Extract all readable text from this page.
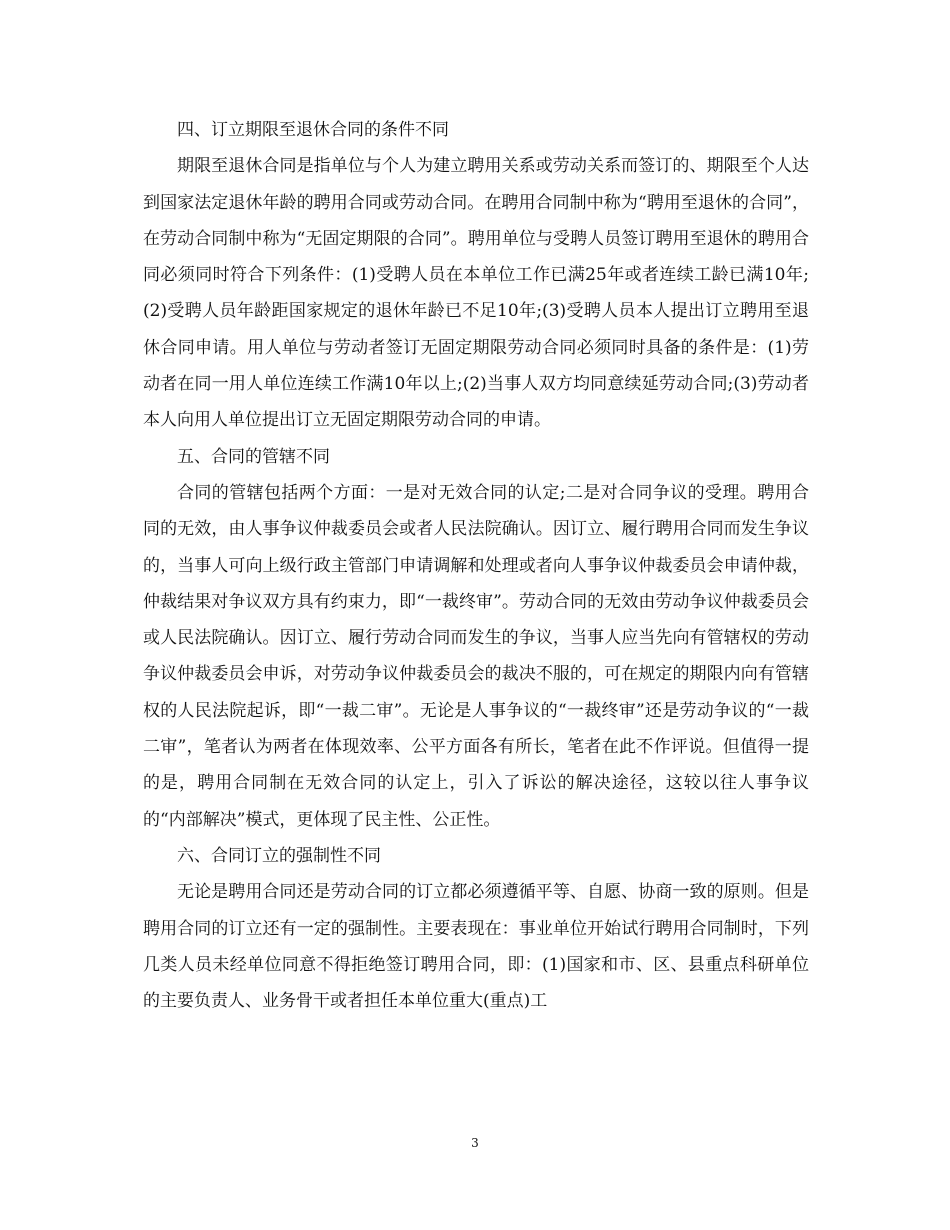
四、订立期限至退休合同的条件不同

期限至退休合同是指单位与个人为建立聘用关系或劳动关系而签订的、期限至个人达到国家法定退休年龄的聘用合同或劳动合同。在聘用合同制中称为“聘用至退休的合同”，在劳动合同制中称为“无固定期限的合同”。聘用单位与受聘人员签订聘用至退休的聘用合同必须同时符合下列条件：(1)受聘人员在本单位工作已满25年或者连续工龄已满10年;(2)受聘人员年龄距国家规定的退休年龄已不足10年;(3)受聘人员本人提出订立聘用至退休合同申请。用人单位与劳动者签订无固定期限劳动合同必须同时具备的条件是：(1)劳动者在同一用人单位连续工作满10年以上;(2)当事人双方均同意续延劳动合同;(3)劳动者本人向用人单位提出订立无固定期限劳动合同的申请。

五、合同的管辖不同

合同的管辖包括两个方面：一是对无效合同的认定;二是对合同争议的受理。聘用合同的无效，由人事争议仲裁委员会或者人民法院确认。因订立、履行聘用合同而发生争议的，当事人可向上级行政主管部门申请调解和处理或者向人事争议仲裁委员会申请仲裁，仲裁结果对争议双方具有约束力，即“一裁终审”。劳动合同的无效由劳动争议仲裁委员会或人民法院确认。因订立、履行劳动合同而发生的争议，当事人应当先向有管辖权的劳动争议仲裁委员会申诉，对劳动争议仲裁委员会的裁决不服的，可在规定的期限内向有管辖权的人民法院起诉，即“一裁二审”。无论是人事争议的“一裁终审”还是劳动争议的“一裁二审”，笔者认为两者在体现效率、公平方面各有所长，笔者在此不作评说。但值得一提的是，聘用合同制在无效合同的认定上，引入了诉讼的解决途径，这较以往人事争议的“内部解决”模式，更体现了民主性、公正性。

六、合同订立的强制性不同

无论是聘用合同还是劳动合同的订立都必须遵循平等、自愿、协商一致的原则。但是聘用合同的订立还有一定的强制性。主要表现在：事业单位开始试行聘用合同制时，下列几类人员未经单位同意不得拒绝签订聘用合同，即：(1)国家和市、区、县重点科研单位的主要负责人、业务骨干或者担任本单位重大(重点)工

3
